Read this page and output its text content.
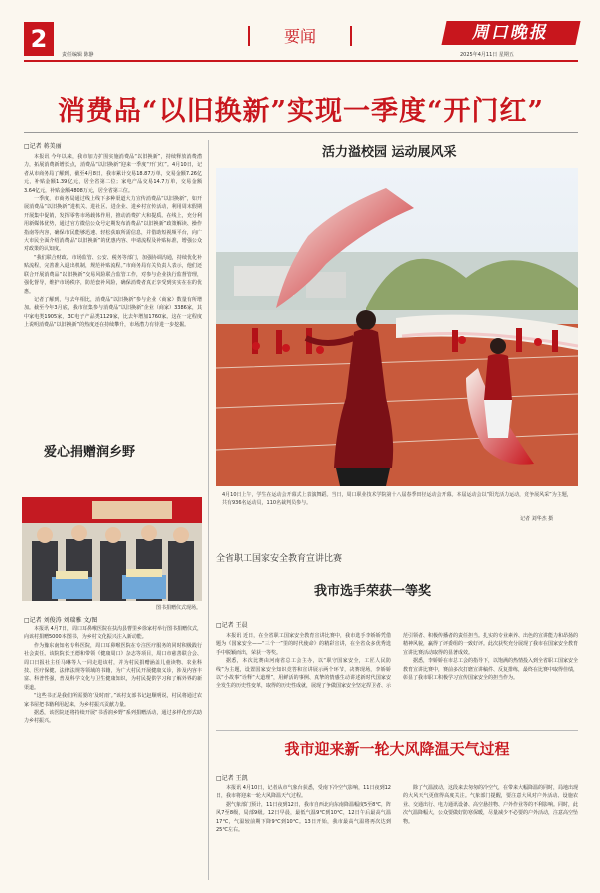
2
责任编辑 陈静
要闻	周口晚报
2025年4月11日 星期五
消费品“以旧换新”实现一季度“开门红”
□记者 蒋美丽

本报讯 今年以来，我市加力扩围实施消费品“以旧换新”，持续释放消费潜力，拓展消费新增长点，消费品“以旧换新”迎来一季度“开门红”。4月10日，记者从市商务局了解到，截至4月8日，我市累计交易18.87万单，交易金额7.26亿元，补贴金额1.39亿元，居全省第二位；家电产品交易14.7万单，交易金额3.64亿元，补贴金额4808万元，居全省第三位。

一季度，市商务局通过线上线下多种渠道大力宣传消费品“以旧换新”，如开展消费品“以旧换新”进机关、进社区、进企业、进乡村宣传活动，利用周末假期开展集中促销，发挥零售市场载体作用，推动消费扩大和提质。在线上，充分利用新媒体优势，通过官方微信公众号定期发布消费品“以旧换新”政策解读、操作指南等内容，确保市民能够迅速、轻松获取所需信息，并借助短视频平台，向广大市民全面介绍消费品“以旧换新”的优惠内容、申请流程及补贴标准，增强公众对政策的认知度。

“我们联合财政、市场监管、公安、税务等部门，加强协调沟通，持续优化补贴流程，完善准入退出机制，规范补贴流程。”市商务局有关负责人表示，他们还联合开展消费品“以旧换新”交易风险联合监管工作，对参与企业执行监督管理，强化督导，维护市场秩序，防范套补风险，确保消费者真正享受到实实在在的优惠。

记者了解到，与去年相比，消费品“以旧换新”参与企业（商家）数量有所增加。截至今年3月底，我市征集参与消费品“以旧换新”企业（商家）3386家，其中家电类1905家，3C电子产品类1129家，比去年增加1760家。这在一定程度上说明消费品“以旧换新”的热度还在持续攀升，市场潜力有待进一步挖掘。

活力溢校园 运动展风采
4月10日上午，学生在运动会开幕式上表演舞蹈。当日，周口职业技术学院第十八届春季田径运动会开幕。本届运动会以“阳光活力运动，竞争展风采”为主题，共有936名运动员，110名裁判员参与。
记者 刘华杰 摄
爱心捐赠润乡野
图书捐赠仪式现场。
□记者 刘俊涛 刘瑞雅 文/图

本报讯 4月7日，周口耳鼻喉医院在扶沟县曹里乡徐家村举行图书捐赠仪式，向该村捐赠5000本图书，为乡村文化振兴注入新动能。

作为豫东南知名专科医院，周口耳鼻喉医院在专注医疗服务的同时积极践行社会责任。该院院长王德和带领《健康周口》杂志等项目，周口市慈善联合会、周口日报社主任马琳等人一同走进该村，并为村民捐赠涵盖儿童读物、农业科技、医疗保健、法律法规等领域的书籍，为广大村民开展健康义诊，涉及内容丰富、科普性强，普及科学文化与卫生健康知识，为村民提供学习和了解外界的新渠道。

“这些书正是我们所需要的‘及时雨’。”该村支部书记赵顺明说，村民将通过农家书屋把书籍利用起来，为乡村振兴贡献力量。

据悉，该医院还将持续开展“书香润乡野”系列捐赠活动，通过多样化形式助力乡村振兴。

全省职工国家安全教育宣讲比赛
我市选手荣获一等奖
□记者 王晨

本报讯 近日，在全省职工国家安全教育宣讲比赛中，我市选手李娇娇凭借题为《国家安全——“三个一”里的时代使命》的精彩宣讲，在全省众多优秀选手中脱颖而出，荣获一等奖。

据悉，本次比赛由河南省总工会主办，以“职守国家安全，工匠人民防线”为主题，设置国家安全知识竞答和宣讲展示两个环节，决赛现场，李娇娇以“小故事”诠释“大道理”，用鲜活的事例、真挚的情感生动讲述新时代国家安全发生的历史性变革，取得的历史性成就，展现了争做国家安全坚定捍卫者、示范引领者、积极传播者的责任担当。扎实的专业素养、出色的宣讲能力和昂扬的精神风貌，赢得了评委组的一致好评。此次获奖充分展现了我市在国家安全教育宣讲比赛活动取得的显著成效。

据悉，李娇娇在市总工会的指导下，以饱满的热情投入到全省职工国家安全教育宣讲比赛中，赛前多次打磨宣讲稿件、反复排练，最终在比赛中取得佳绩，彰显了我市职工积极学习宣传国家安全的担当作为。

我市迎来新一轮大风降温天气过程
□记者 王凯

本报讯 4月10日，记者从市气象台获悉，受南下冷空气影响，11日夜到12日，我市将迎来一轮大风降温天气过程。

据气象部门预计，11日夜到12日，我市自西北向东南降温幅度5至8℃，阵风7至8级，局部9级。12日早晨，最低气温9℃到10℃，12日午后最高气温17℃，气温较前期下降9℃到10℃。13日开始，我市最高气温将再次达到25℃左右。

除了气温波动，这段来去匆匆的冷空气，在带来大幅降温的同时，局地出现的大风天气更值得高度关注。气象部门提醒，要注意大风对户外活动、设施农业、交通出行、电力通讯设备、高空悬挂物、户外作业等的不利影响。同时，此次气温降幅大，公众要做好防寒保暖，尽量减少不必要的户外活动，注意高空坠物。
